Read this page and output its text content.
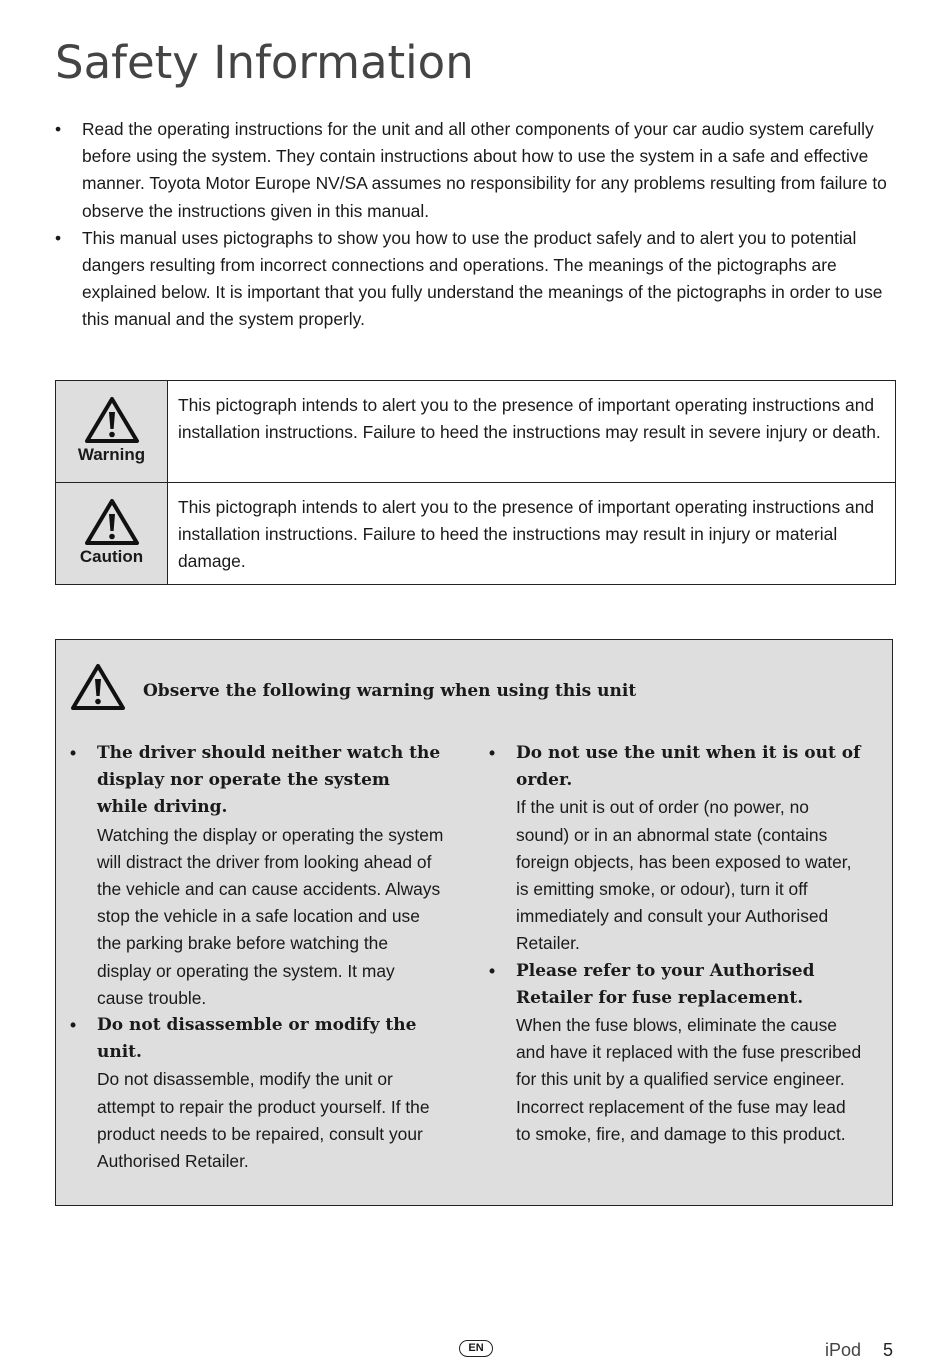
Safety Information
• Read the operating instructions for the unit and all other components of your car audio system carefully before using the system. They contain instructions about how to use the system in a safe and effective manner. Toyota Motor Europe NV/SA assumes no responsibility for any problems resulting from failure to observe the instructions given in this manual.
• This manual uses pictographs to show you how to use the product safely and to alert you to potential dangers resulting from incorrect connections and operations. The meanings of the pictographs are explained below. It is important that you fully understand the meanings of the pictographs in order to use this manual and the system properly.
Warning	This pictograph intends to alert you to the presence of important operating instructions and installation instructions. Failure to heed the instructions may result in severe injury or death.

Caution	This pictograph intends to alert you to the presence of important operating instructions and installation instructions. Failure to heed the instructions may result in injury or material damage.
Observe the following warning when using this unit
• The driver should neither watch the display nor operate the system while driving.
Watching the display or operating the system will distract the driver from looking ahead of the vehicle and can cause accidents. Always stop the vehicle in a safe location and use the parking brake before watching the display or operating the system. It may cause trouble.
• Do not disassemble or modify the unit.
Do not disassemble, modify the unit or attempt to repair the product yourself. If the product needs to be repaired, consult your Authorised Retailer.
• Do not use the unit when it is out of order.
If the unit is out of order (no power, no sound) or in an abnormal state (contains foreign objects, has been exposed to water, is emitting smoke, or odour), turn it off immediately and consult your Authorised Retailer.
• Please refer to your Authorised Retailer for fuse replacement.
When the fuse blows, eliminate the cause and have it replaced with the fuse prescribed for this unit by a qualified service engineer. Incorrect replacement of the fuse may lead to smoke, fire, and damage to this product.
EN	iPod 5
